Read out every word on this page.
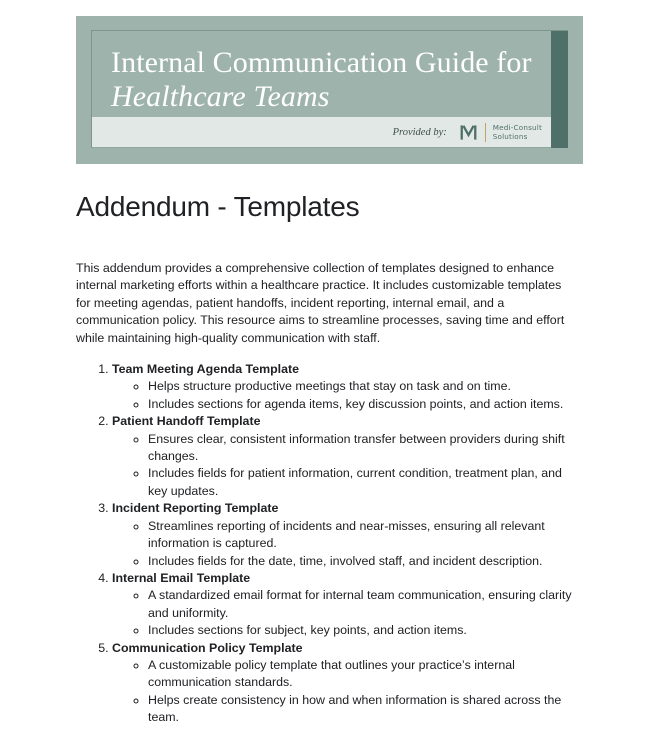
Internal Communication Guide for
Healthcare Teams
Provided by:	Medi-Consult
Solutions
Addendum - Templates

This addendum provides a comprehensive collection of templates designed to enhance internal marketing efforts within a healthcare practice. It includes customizable templates for meeting agendas, patient handoffs, incident reporting, internal email, and a communication policy. This resource aims to streamline processes, saving time and effort while maintaining high-quality communication with staff.

1. Team Meeting Agenda Template
◦ Helps structure productive meetings that stay on task and on time.
◦ Includes sections for agenda items, key discussion points, and action items.
2. Patient Handoff Template
◦ Ensures clear, consistent information transfer between providers during shift changes.
◦ Includes fields for patient information, current condition, treatment plan, and key updates.
3. Incident Reporting Template
◦ Streamlines reporting of incidents and near-misses, ensuring all relevant information is captured.
◦ Includes fields for the date, time, involved staff, and incident description.
4. Internal Email Template
◦ A standardized email format for internal team communication, ensuring clarity and uniformity.
◦ Includes sections for subject, key points, and action items.
5. Communication Policy Template
◦ A customizable policy template that outlines your practice’s internal communication standards.
◦ Helps create consistency in how and when information is shared across the team.
